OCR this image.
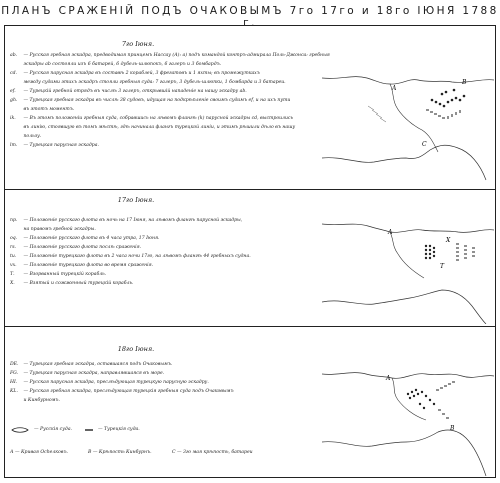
ПЛАНЪ СРАЖЕНІЙ ПОДЪ ОЧАКОВЫМЪ 7го 17го и 18го ІЮНЯ 1788 г.
7го Іюня.
ab. — Русская гребная эскадра, предводимая принцемъ Нассау (А): а) подъ командой контръ-адмирала Поль-Джонса: гребныя
эскадры ab состояли изъ 6 батарей, 6 дубель-шлюпокъ, 6 галеръ и 3 бомбардъ.
cd. — Русская парусная эскадра въ составѣ 2 кораблей, 3 фрегатовъ и 1 яхты; въ промежуткахъ
между судами этихъ эскадръ стояли гребныя суда: 7 галеръ, 3 дубель-шлюпки, 1 бомбарда и 3 батареи.
ef. — Турецкій гребной отрядъ въ числѣ 3 галеръ, открывшій нападеніе на нашу эскадру ab.
gh. — Турецкая гребная эскадра въ числѣ 38 судовъ, идущая на подкрѣпленіе своимъ судамъ ef, и на ихъ пути
въ этотъ моментъ.
ik. — Въ этомъ положеніи гребныя суда, собравшись на лѣвомъ флангѣ (k) парусной эскадры cd, выстроились
въ линію, стоявшую въ томъ мѣстѣ, гдѣ начинала флангъ турецкой линіи, и этимъ рѣшили дѣло въ нашу
пользу.
lm. — Турецкая парусная эскадра.
A
B
C
17го Іюня.
np. — Положеніе русскаго флота въ ночь на 17 Іюня, на лѣвомъ флангѣ парусной эскадры,
на правомъ гребной эскадры.
oq. — Положеніе русскаго флота въ 4 часа утра, 17 Іюня.
rs. — Положеніе русскаго флота послѣ сраженія.
tu. — Положеніе турецкаго флота въ 2 часа ночи 17го, на лѣвомъ флангѣ 44 гребныхъ судна.
vx. — Положеніе турецкаго флота во время сраженія.
Т. — Взорванный турецкій корабль.
X. — Взятый и сожженный турецкій корабль.
A
T
X
18го Іюня.
DE. — Турецкая гребная эскадра, оставшаяся подъ Очаковымъ.
FG. — Турецкая парусная эскадра, направлявшаяся въ море.
HI. — Русская парусная эскадра, преслѣдующая турецкую парусную эскадру.
KL. — Русская гребная эскадра, преслѣдующая турецкія гребныя суда подъ Очаковымъ
и Кинбурномъ.
— Русскія суда.	— Турецкія суда.
А — Кривая Ocheлковъ.	В — Крѣпость Кинбурнъ.	С — 3го мая крѣпость, батареи
A
B
